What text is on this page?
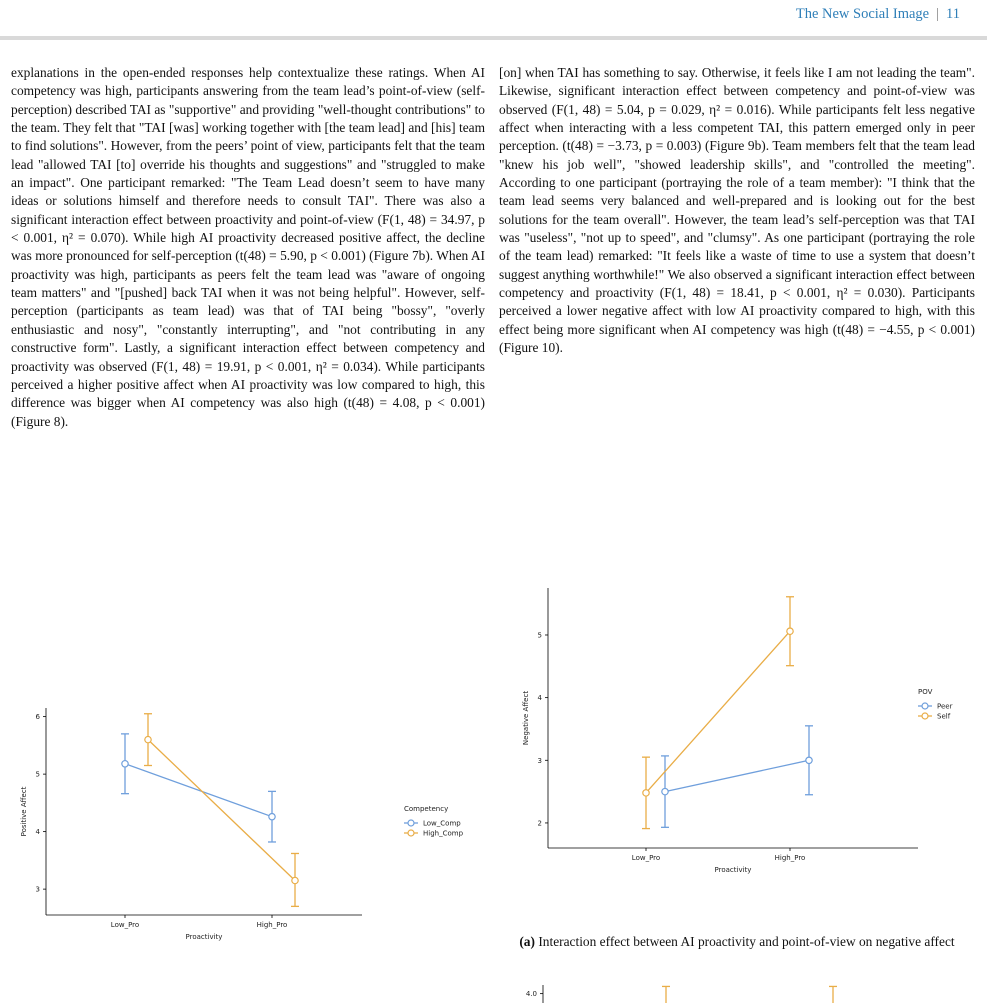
The New Social Image | 11

explanations in the open-ended responses help contextualize these ratings. When AI competency was high, participants answering from the team lead’s point-of-view (self-perception) described TAI as "supportive" and providing "well-thought contributions" to the team. They felt that "TAI [was] working together with [the team lead] and [his] team to find solutions". However, from the peers’ point of view, participants felt that the team lead "allowed TAI [to] override his thoughts and suggestions" and "struggled to make an impact". One participant remarked: "The Team Lead doesn’t seem to have many ideas or solutions himself and therefore needs to consult TAI". There was also a significant interaction effect between proactivity and point-of-view (F(1, 48) = 34.97, p < 0.001, η² = 0.070). While high AI proactivity decreased positive affect, the decline was more pronounced for self-perception (t(48) = 5.90, p < 0.001) (Figure 7b). When AI proactivity was high, participants as peers felt the team lead was "aware of ongoing team matters" and "[pushed] back TAI when it was not being helpful". However, self-perception (participants as team lead) was that of TAI being "bossy", "overly enthusiastic and nosy", "constantly interrupting", and "not contributing in any constructive form". Lastly, a significant interaction effect between competency and proactivity was observed (F(1, 48) = 19.91, p < 0.001, η² = 0.034). While participants perceived a higher positive affect when AI proactivity was low compared to high, this difference was bigger when AI competency was also high (t(48) = 4.08, p < 0.001) (Figure 8).

[on] when TAI has something to say. Otherwise, it feels like I am not leading the team". Likewise, significant interaction effect between competency and point-of-view was observed (F(1, 48) = 5.04, p = 0.029, η² = 0.016). While participants felt less negative affect when interacting with a less competent TAI, this pattern emerged only in peer perception. (t(48) = −3.73, p = 0.003) (Figure 9b). Team members felt that the team lead "knew his job well", "showed leadership skills", and "controlled the meeting". According to one participant (portraying the role of a team member): "I think that the team lead seems very balanced and well-prepared and is looking out for the best solutions for the team overall". However, the team lead’s self-perception was that TAI was "useless", "not up to speed", and "clumsy". As one participant (portraying the role of the team lead) remarked: "It feels like a waste of time to use a system that doesn’t suggest anything worthwhile!" We also observed a significant interaction effect between competency and proactivity (F(1, 48) = 18.41, p < 0.001, η² = 0.030). Participants perceived a lower negative affect with low AI proactivity compared to high, with this effect being more significant when AI competency was high (t(48) = −4.55, p < 0.001) (Figure 10).

3
4
5
6
Low_Pro	High_Pro
Proactivity
Positive Affect	Competency
Low_Comp
High_Comp
2
3
4
5
Low_Pro	High_Pro
Proactivity
Negative Affect	POV
Peer
Self
(a) Interaction effect between AI proactivity and point-of-view on negative affect
4.0
